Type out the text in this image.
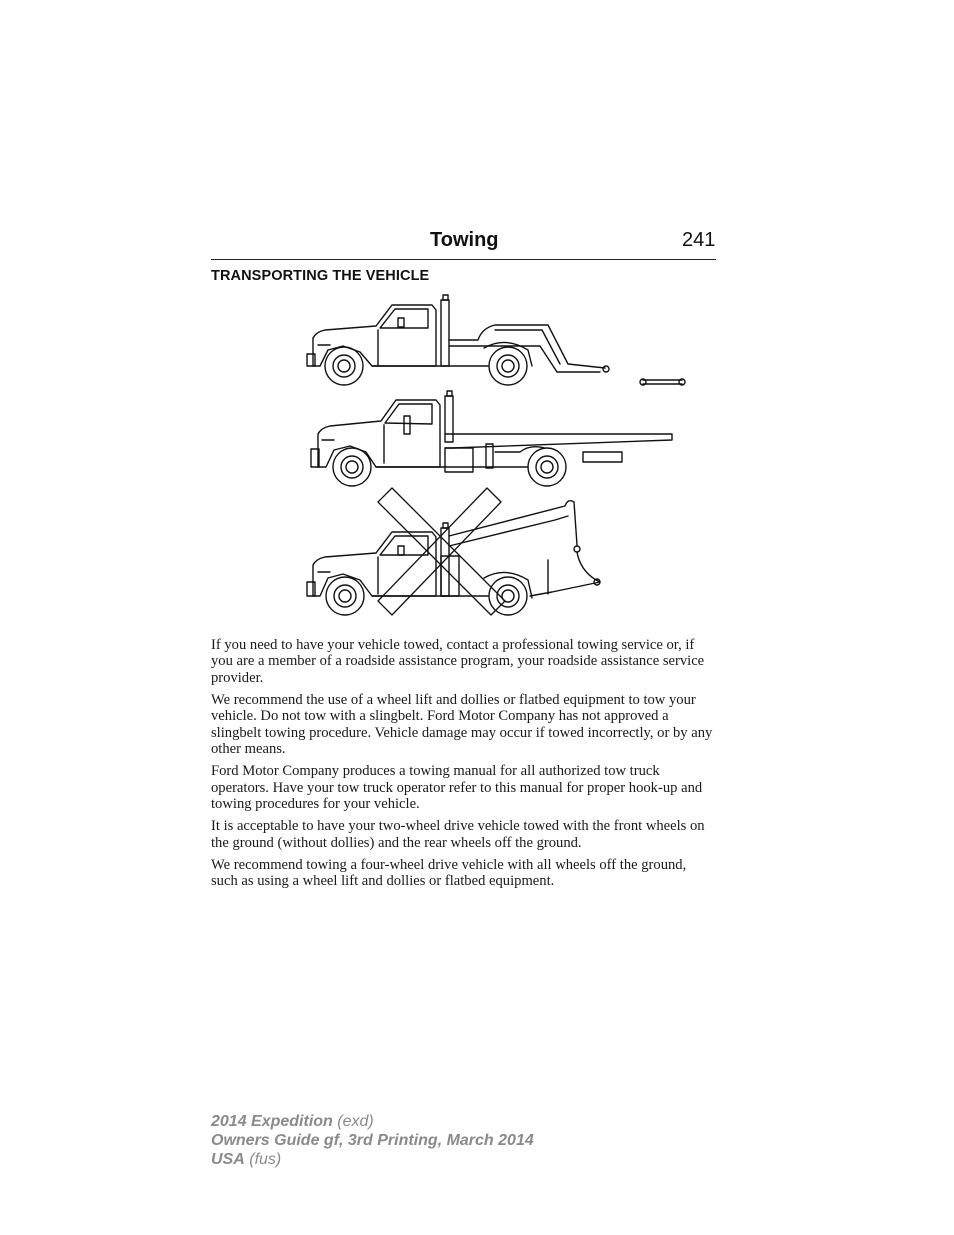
Towing	241
TRANSPORTING THE VEHICLE

If you need to have your vehicle towed, contact a professional towing service or, if you are a member of a roadside assistance program, your roadside assistance service provider.

We recommend the use of a wheel lift and dollies or flatbed equipment to tow your vehicle. Do not tow with a slingbelt. Ford Motor Company has not approved a slingbelt towing procedure. Vehicle damage may occur if towed incorrectly, or by any other means.

Ford Motor Company produces a towing manual for all authorized tow truck operators. Have your tow truck operator refer to this manual for proper hook-up and towing procedures for your vehicle.

It is acceptable to have your two-wheel drive vehicle towed with the front wheels on the ground (without dollies) and the rear wheels off the ground.

We recommend towing a four-wheel drive vehicle with all wheels off the ground, such as using a wheel lift and dollies or flatbed equipment.

2014 Expedition (exd)
Owners Guide gf, 3rd Printing, March 2014
USA (fus)
